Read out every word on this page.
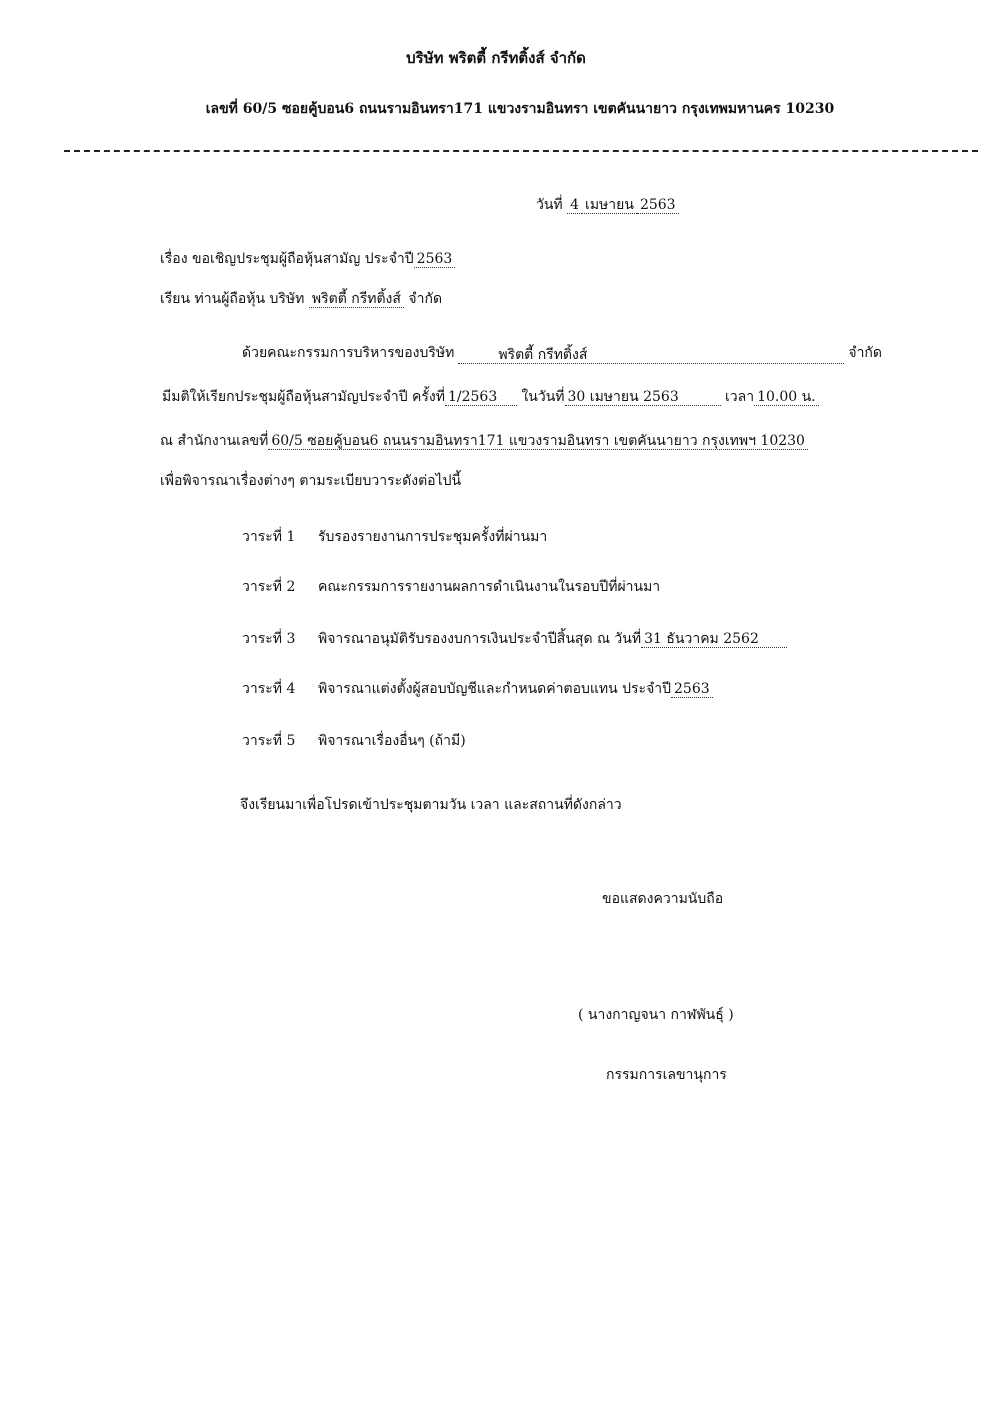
บริษัท พริตตี้ กรีทติ้งส์ จำกัด
เลขที่ 60/5 ซอยคู้บอน6 ถนนรามอินทรา171 แขวงรามอินทรา เขตคันนายาว กรุงเทพมหานคร 10230
วันที่ 4 เมษายน 2563
เรื่อง ขอเชิญประชุมผู้ถือหุ้นสามัญ ประจำปี 2563
เรียน ท่านผู้ถือหุ้น บริษัท พริตตี้ กรีทติ้งส์ จำกัด
ด้วยคณะกรรมการบริหารของบริษัท	พริตตี้ กรีทติ้งส์	จำกัด
มีมติให้เรียกประชุมผู้ถือหุ้นสามัญประจำปี ครั้งที่ 1/2563 ในวันที่ 30 เมษายน 2563	เวลา 10.00 น.
ณ สำนักงานเลขที่ 60/5 ซอยคู้บอน6 ถนนรามอินทรา171 แขวงรามอินทรา เขตคันนายาว กรุงเทพฯ 10230
เพื่อพิจารณาเรื่องต่างๆ ตามระเบียบวาระดังต่อไปนี้
วาระที่ 1 รับรองรายงานการประชุมครั้งที่ผ่านมา
วาระที่ 2 คณะกรรมการรายงานผลการดำเนินงานในรอบปีที่ผ่านมา
วาระที่ 3 พิจารณาอนุมัติรับรองงบการเงินประจำปีสิ้นสุด ณ วันที่ 31 ธันวาคม 2562
วาระที่ 4 พิจารณาแต่งตั้งผู้สอบบัญชีและกำหนดค่าตอบแทน ประจำปี 2563
วาระที่ 5 พิจารณาเรื่องอื่นๆ (ถ้ามี)
จึงเรียนมาเพื่อโปรดเข้าประชุมตามวัน เวลา และสถานที่ดังกล่าว
ขอแสดงความนับถือ
( นางกาญจนา กาฬพันธุ์ )
กรรมการเลขานุการ
